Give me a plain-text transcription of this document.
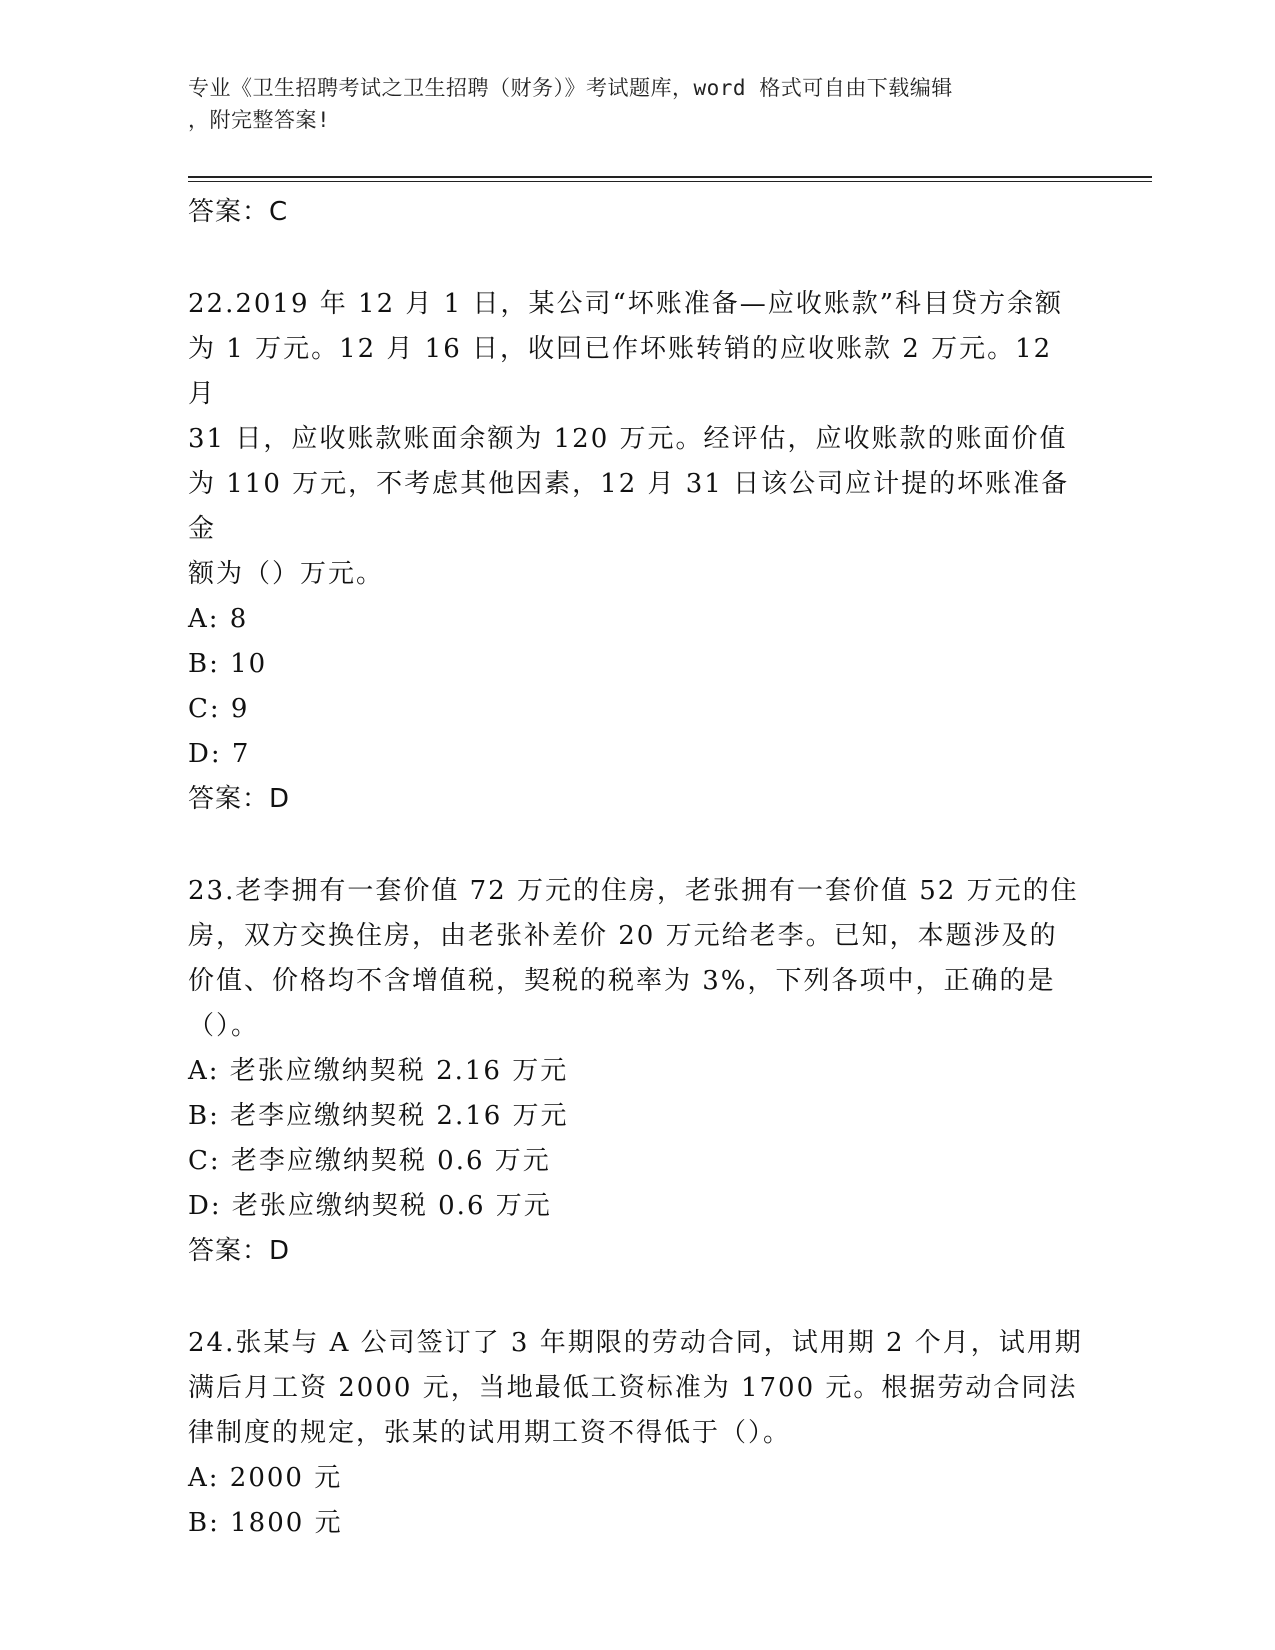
专业《卫生招聘考试之卫生招聘（财务）》考试题库，word 格式可自由下载编辑
，附完整答案!
答案：C
22.2019 年 12 月 1 日，某公司“坏账准备—应收账款”科目贷方余额
为 1 万元。12 月 16 日，收回已作坏账转销的应收账款 2 万元。12 月
31 日，应收账款账面余额为 120 万元。经评估，应收账款的账面价值
为 110 万元，不考虑其他因素，12 月 31 日该公司应计提的坏账准备金
额为（）万元。
A: 8
B: 10
C: 9
D: 7
答案：D
23.老李拥有一套价值 72 万元的住房，老张拥有一套价值 52 万元的住
房，双方交换住房，由老张补差价 20 万元给老李。已知，本题涉及的
价值、价格均不含增值税，契税的税率为 3%，下列各项中，正确的是
（）。
A: 老张应缴纳契税 2.16 万元
B: 老李应缴纳契税 2.16 万元
C: 老李应缴纳契税 0.6 万元
D: 老张应缴纳契税 0.6 万元
答案：D
24.张某与 A 公司签订了 3 年期限的劳动合同，试用期 2 个月，试用期
满后月工资 2000 元，当地最低工资标准为 1700 元。根据劳动合同法
律制度的规定，张某的试用期工资不得低于（）。
A: 2000 元
B: 1800 元
